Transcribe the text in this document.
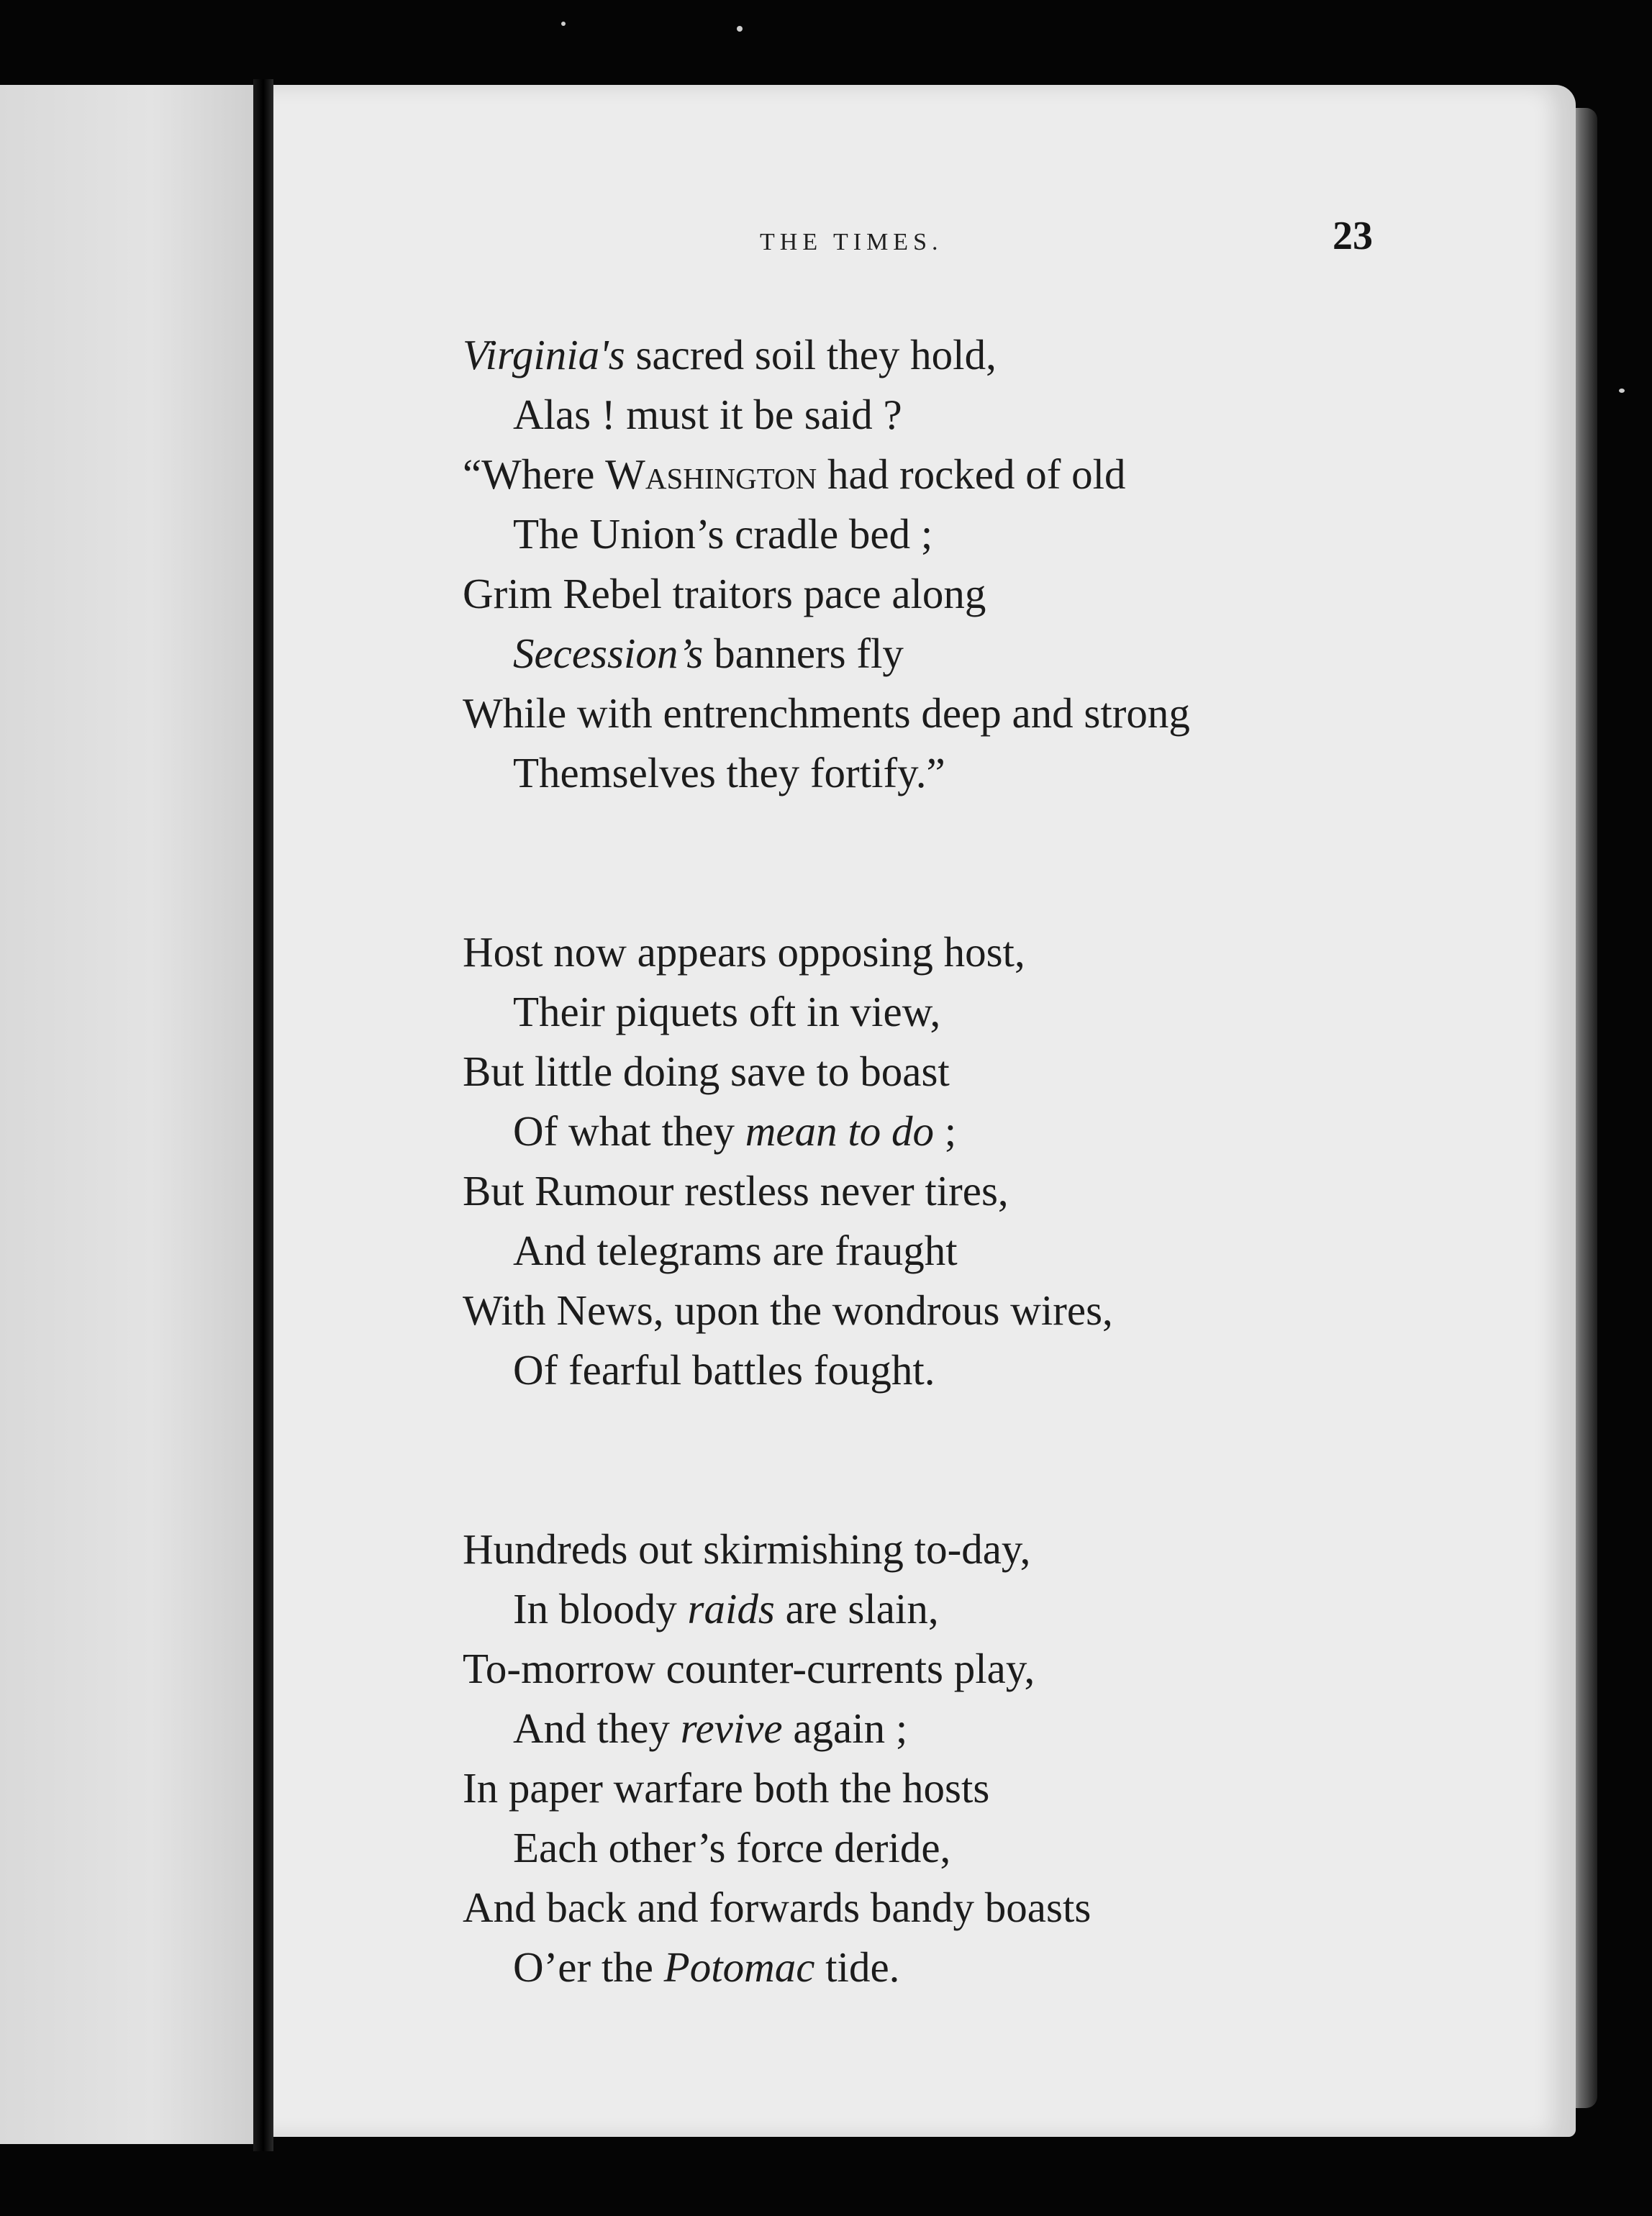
THE TIMES.	23
Virginia's sacred soil they hold,
Alas ! must it be said ?
“Where Washington had rocked of old
The Union’s cradle bed ;
Grim Rebel traitors pace along
Secession’s banners fly
While with entrenchments deep and strong
Themselves they fortify.”
Host now appears opposing host,
Their piquets oft in view,
But little doing save to boast
Of what they mean to do ;
But Rumour restless never tires,
And telegrams are fraught
With News, upon the wondrous wires,
Of fearful battles fought.
Hundreds out skirmishing to-day,
In bloody raids are slain,
To-morrow counter-currents play,
And they revive again ;
In paper warfare both the hosts
Each other’s force deride,
And back and forwards bandy boasts
O’er the Potomac tide.
